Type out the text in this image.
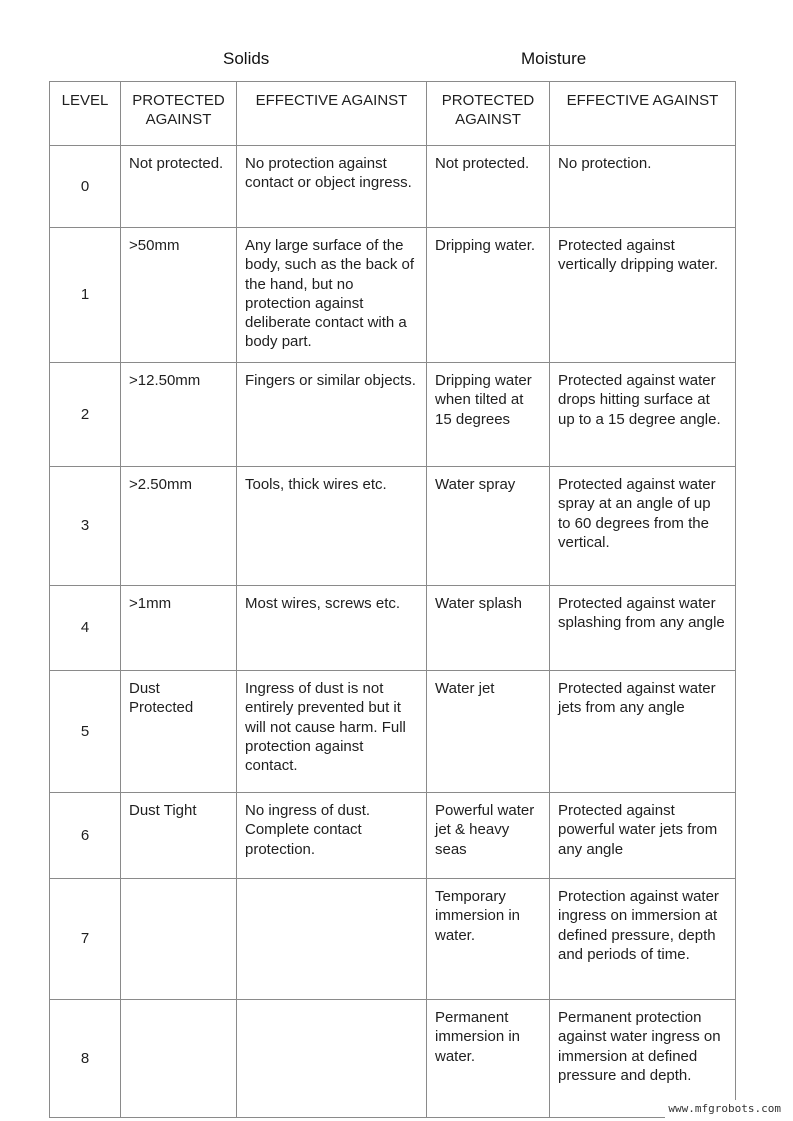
Solids	Moisture
LEVEL	PROTECTED AGAINST	EFFECTIVE AGAINST	PROTECTED AGAINST	EFFECTIVE AGAINST
0	Not protected.	No protection against contact or object ingress.	Not protected.	No protection.
1	>50mm	Any large surface of the body, such as the back of the hand, but no protection against deliberate contact with a body part.	Dripping water.	Protected against vertically dripping water.
2	>12.50mm	Fingers or similar objects.	Dripping water when tilted at 15 degrees	Protected against water drops hitting surface at up to a 15 degree angle.
3	>2.50mm	Tools, thick wires etc.	Water spray	Protected against water spray at an angle of up to 60 degrees from the vertical.
4	>1mm	Most wires, screws etc.	Water splash	Protected against water splashing from any angle
5	Dust Protected	Ingress of dust is not entirely prevented but it will not cause harm. Full protection against contact.	Water jet	Protected against water jets from any angle
6	Dust Tight	No ingress of dust. Complete contact protection.	Powerful water jet & heavy seas	Protected against powerful water jets from any angle
7			Temporary immersion in water.	Protection against water ingress on immersion at defined pressure, depth and periods of time.
8			Permanent immersion in water.	Permanent protection against water ingress on immersion at defined pressure and depth.
www.mfgrobots.com
